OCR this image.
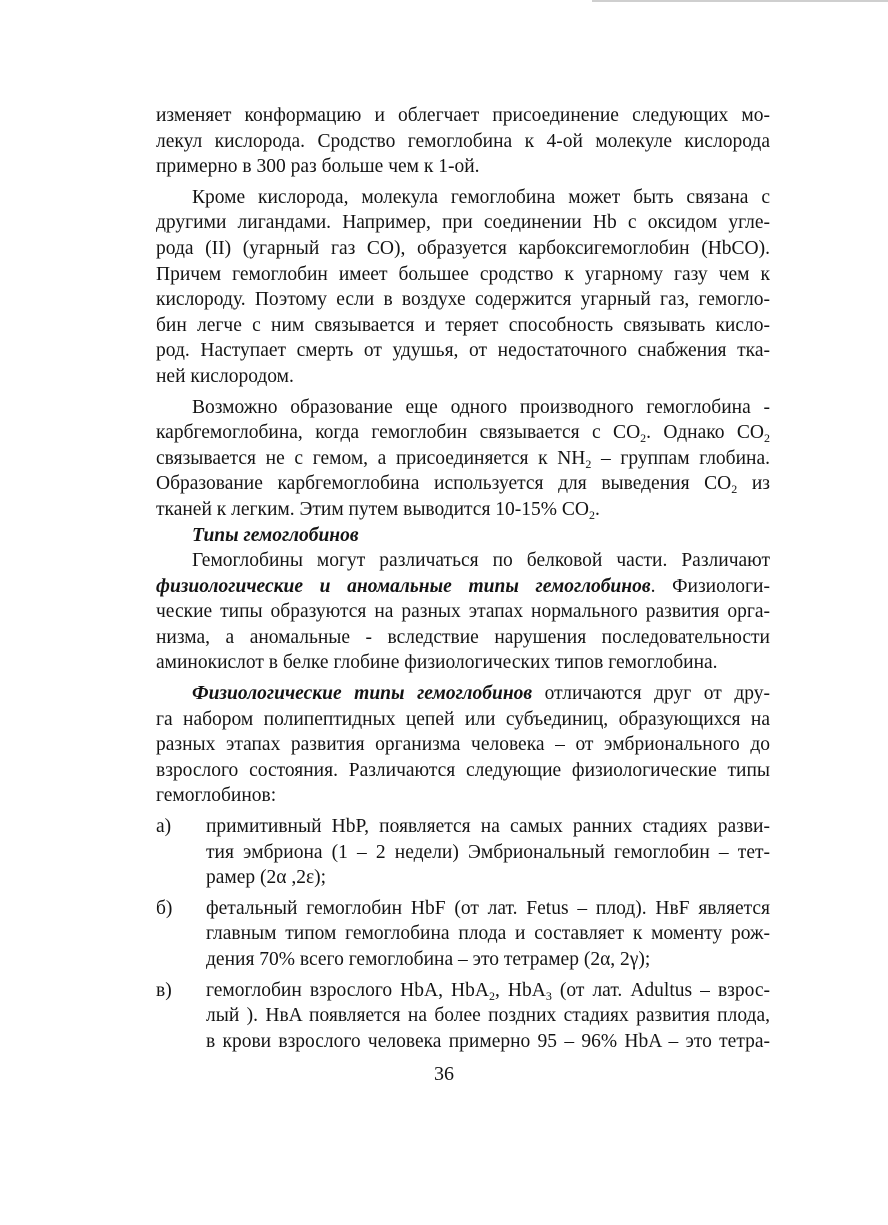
изменяет конформацию и облегчает присоединение следующих мо-
лекул кислорода. Сродство гемоглобина к 4-ой молекуле кислорода
примерно в 300 раз больше чем к 1-ой.
Кроме кислорода, молекула гемоглобина может быть связана с
другими лигандами. Например, при соединении Hb с оксидом угле-
рода (II) (угарный газ CO), образуется карбоксигемоглобин (HbCO).
Причем гемоглобин имеет большее сродство к угарному газу чем к
кислороду. Поэтому если в воздухе содержится угарный газ, гемогло-
бин легче с ним связывается и теряет способность связывать кисло-
род. Наступает смерть от удушья, от недостаточного снабжения тка-
ней кислородом.
Возможно образование еще одного производного гемоглобина -
карбгемоглобина, когда гемоглобин связывается с $CO_2$. Однако $CO_2$
связывается не с гемом, а присоединяется к $NH_2$ – группам глобина.
Образование карбгемоглобина используется для выведения $CO_2$ из
тканей к легким. Этим путем выводится 10-15% $CO_2$.
Типы гемоглобинов
Гемоглобины могут различаться по белковой части. Различают
физиологические и аномальные типы гемоглобинов. Физиологи-
ческие типы образуются на разных этапах нормального развития орга-
низма, а аномальные - вследствие нарушения последовательности
аминокислот в белке глобине физиологических типов гемоглобина.
Физиологические типы гемоглобинов отличаются друг от дру-
га набором полипептидных цепей или субъединиц, образующихся на
разных этапах развития организма человека – от эмбрионального до
взрослого состояния. Различаются следующие физиологические типы
гемоглобинов:
а) примитивный HbP, появляется на самых ранних стадиях разви-
тия эмбриона (1 – 2 недели) Эмбриональный гемоглобин – тет-
рамер (2α ,2ε);
б) фетальный гемоглобин HbF (от лат. Fetus – плод). HвF является
главным типом гемоглобина плода и составляет к моменту рож-
дения 70% всего гемоглобина – это тетрамер (2α, 2γ);
в) гемоглобин взрослого HbA, HbA$_2$, HbA$_3$ (от лат. Adultus – взрос-
лый ). HвA появляется на более поздних стадиях развития плода,
в крови взрослого человека примерно 95 – 96% HbA – это тетра-
36
